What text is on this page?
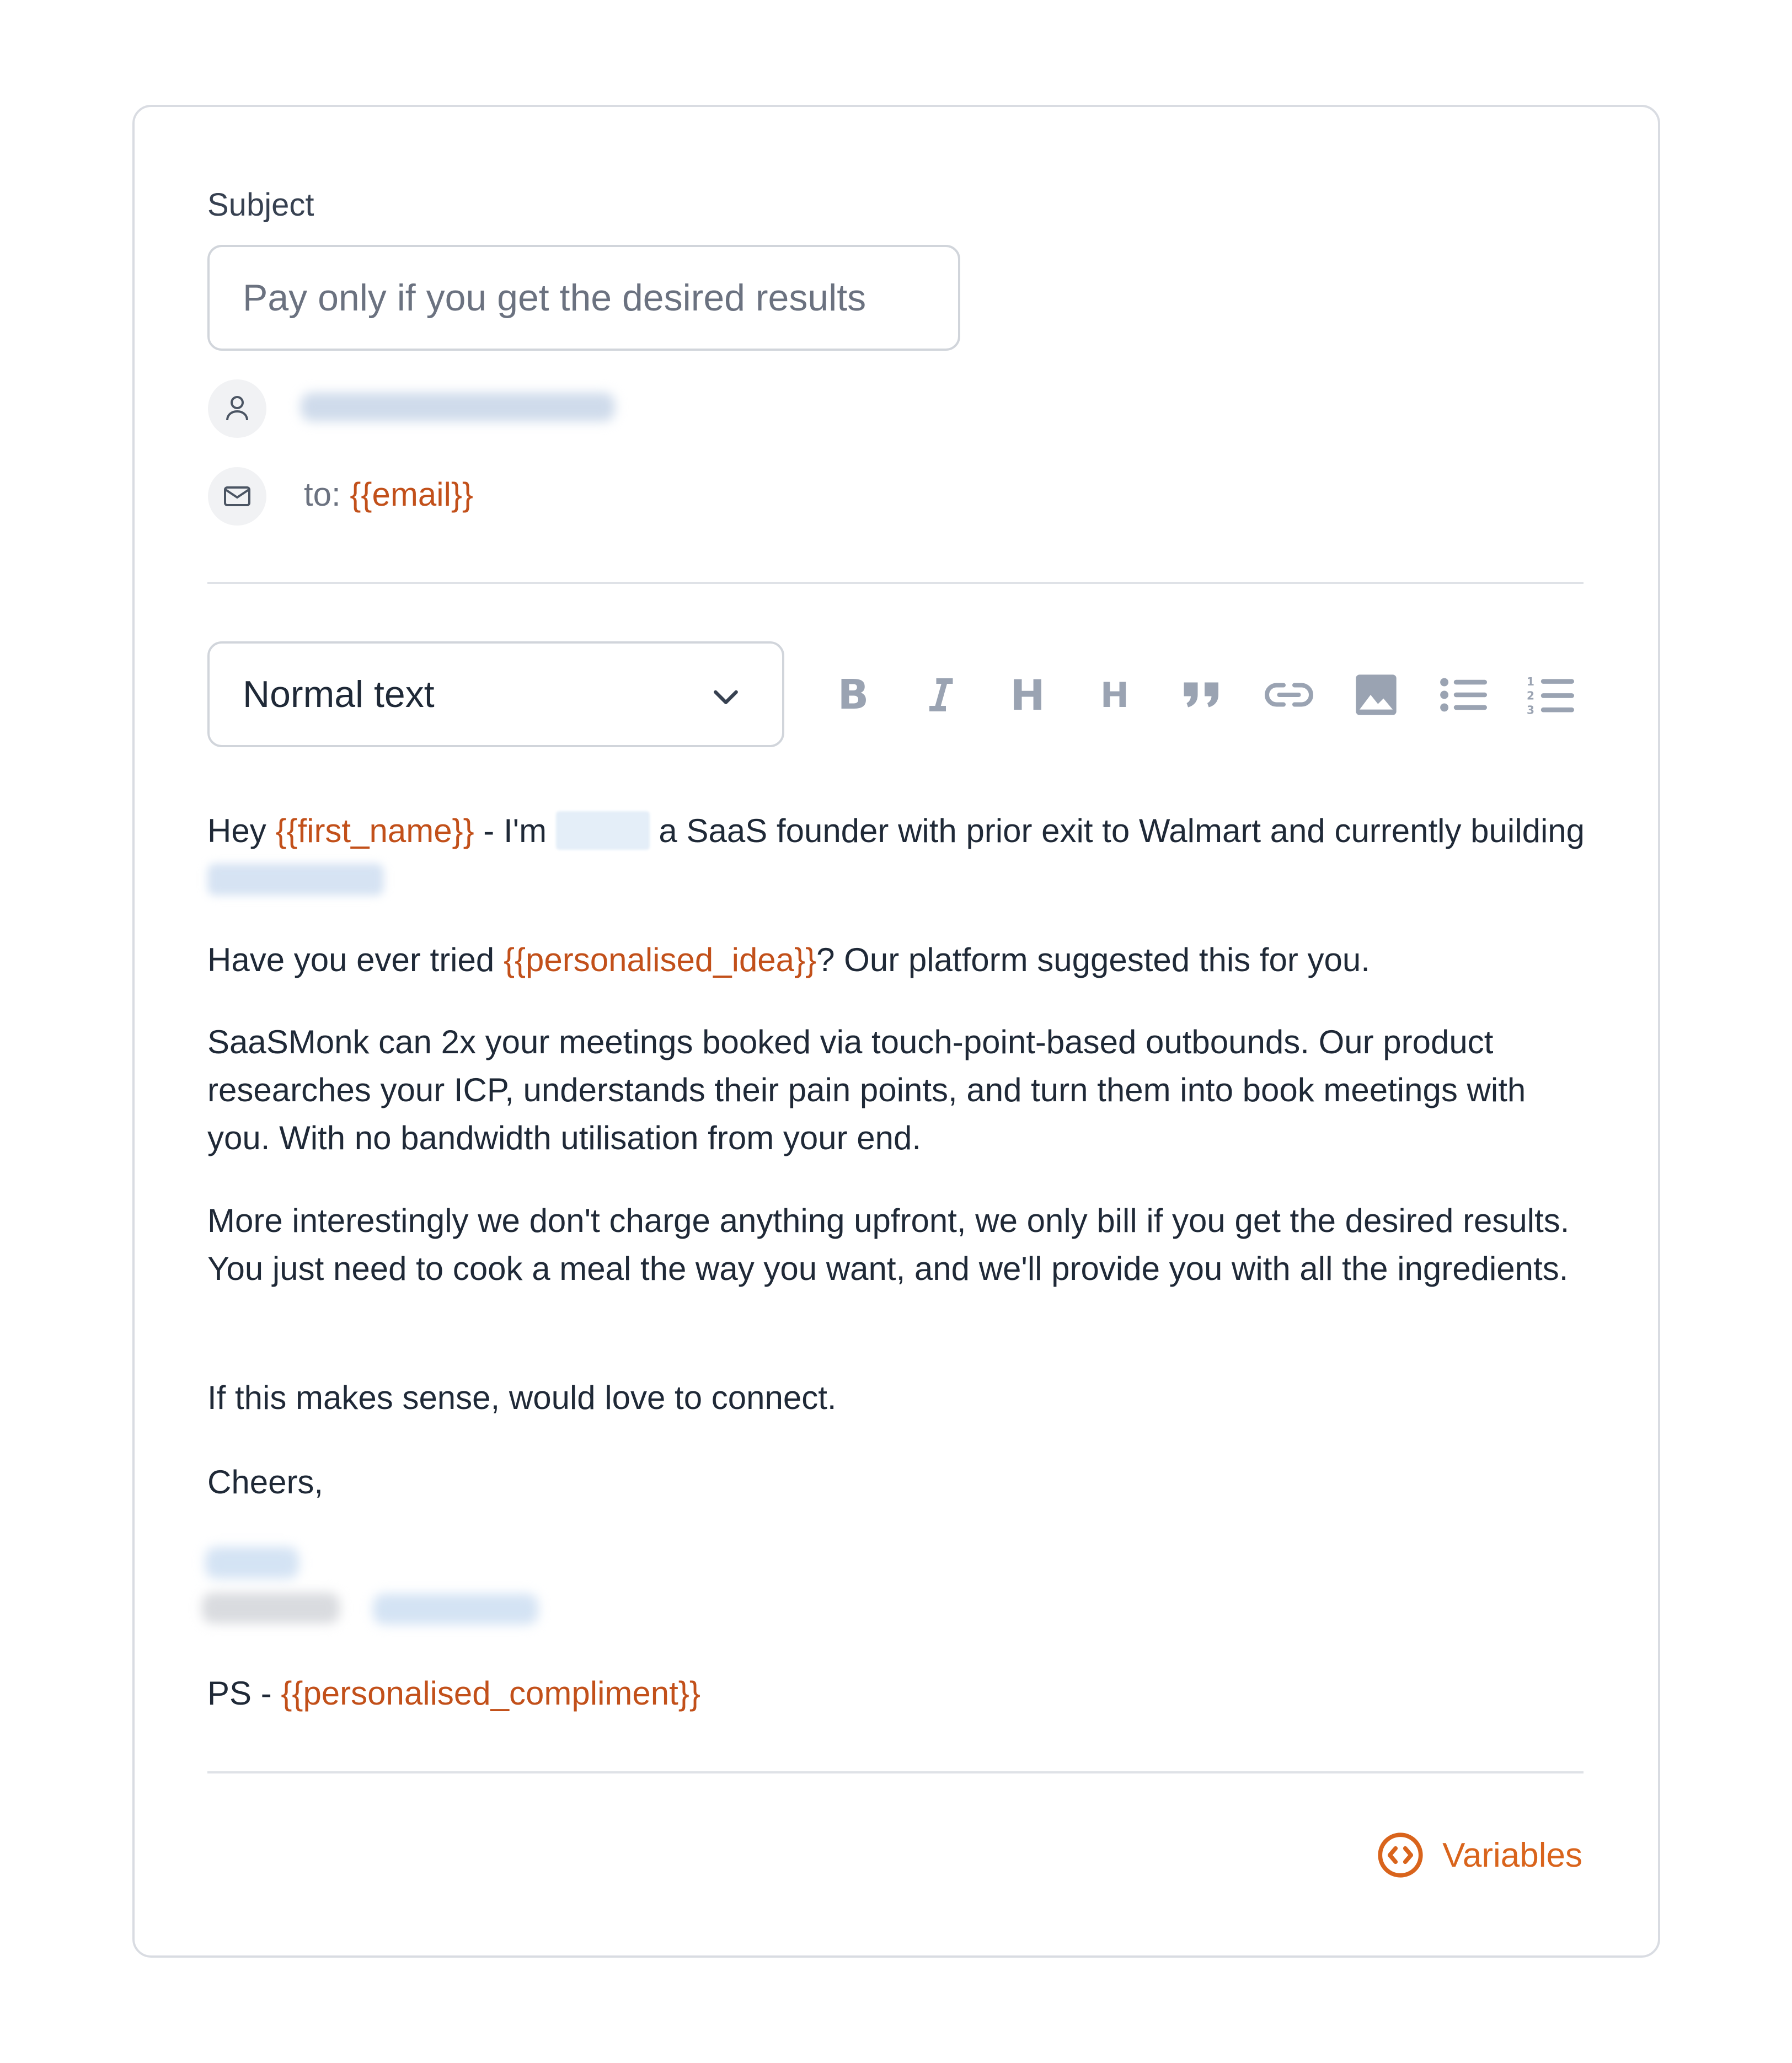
Subject
Pay only if you get the desired results
to: {{email}}
Normal text	B	H H	1
2
3

Hey {{first_name}} - I'm	a SaaS founder with prior exit to Walmart and currently building

Have you ever tried {{personalised_idea}}? Our platform suggested this for you.

SaaSMonk can 2x your meetings booked via touch-point-based outbounds. Our product researches your ICP, understands their pain points, and turn them into book meetings with you. With no bandwidth utilisation from your end.

More interestingly we don't charge anything upfront, we only bill if you get the desired results. You just need to cook a meal the way you want, and we'll provide you with all the ingredients.

If this makes sense, would love to connect.

Cheers,

PS - {{personalised_compliment}}

Variables
